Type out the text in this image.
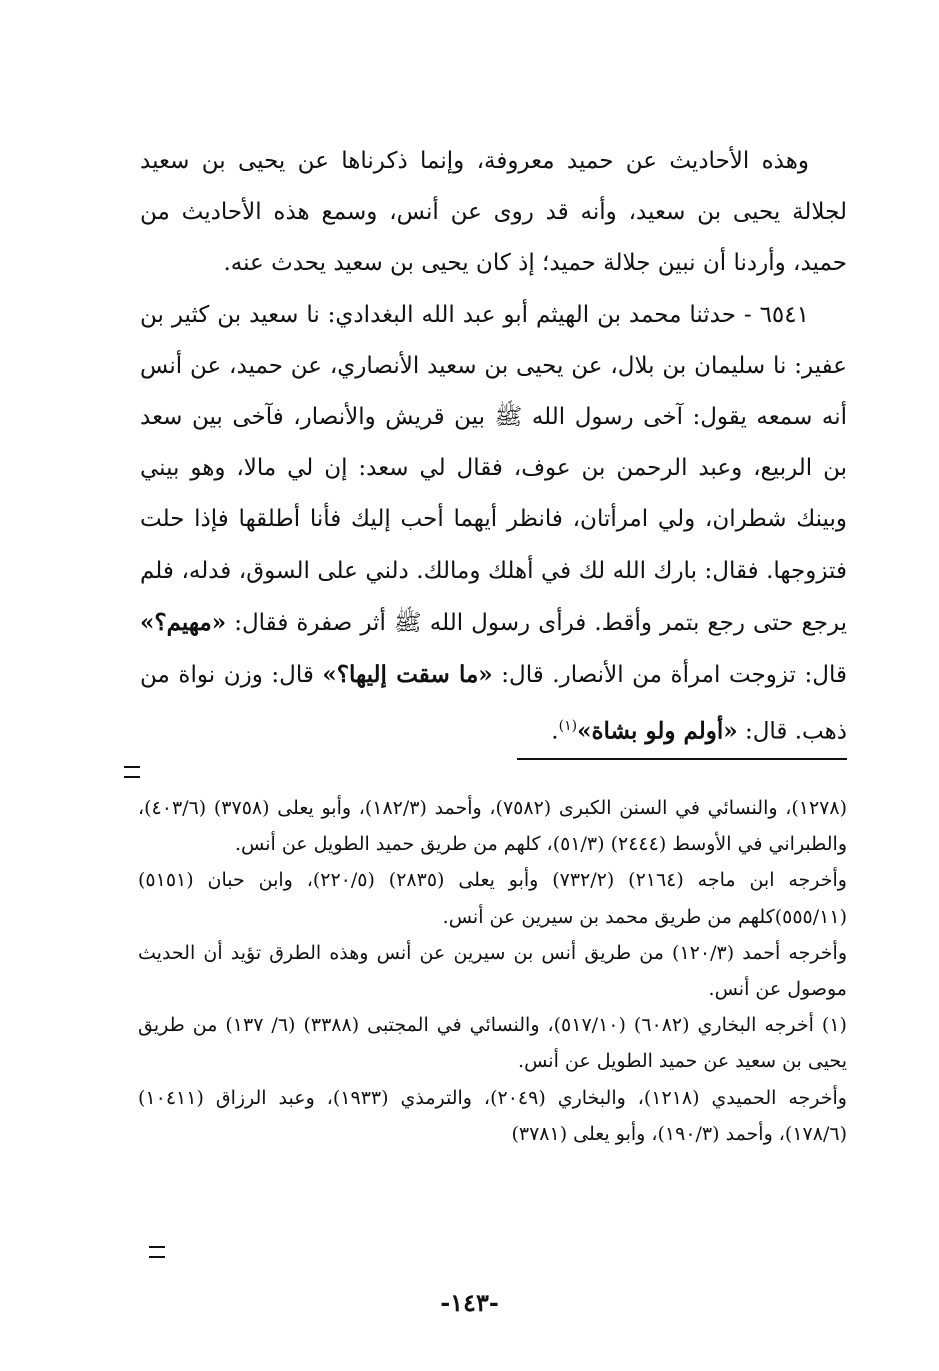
وهذه الأحاديث عن حميد معروفة، وإنما ذكرناها عن يحيى بن سعيد لجلالة يحيى بن سعيد، وأنه قد روى عن أنس، وسمع هذه الأحاديث من حميد، وأردنا أن نبين جلالة حميد؛ إذ كان يحيى بن سعيد يحدث عنه.

٦٥٤١ - حدثنا محمد بن الهيثم أبو عبد الله البغدادي: نا سعيد بن كثير بن عفير: نا سليمان بن بلال، عن يحيى بن سعيد الأنصاري، عن حميد، عن أنس أنه سمعه يقول: آخى رسول الله ﷺ بين قريش والأنصار، فآخى بين سعد بن الربيع، وعبد الرحمن بن عوف، فقال لي سعد: إن لي مالا، وهو بيني وبينك شطران، ولي امرأتان، فانظر أيهما أحب إليك فأنا أطلقها فإذا حلت فتزوجها. فقال: بارك الله لك في أهلك ومالك. دلني على السوق، فدله، فلم يرجع حتى رجع بتمر وأقط. فرأى رسول الله ﷺ أثر صفرة فقال: «مهيم؟» قال: تزوجت امرأة من الأنصار. قال: «ما سقت إليها؟» قال: وزن نواة من ذهب. قال: «أولم ولو بشاة»$^{(١)}$.

(١٢٧٨)، والنسائي في السنن الكبرى (٧٥٨٢)، وأحمد (١٨٢/٣)، وأبو يعلى (٣٧٥٨) (٤٠٣/٦)، والطبراني في الأوسط (٢٤٤٤) (٥١/٣)، كلهم من طريق حميد الطويل عن أنس.

وأخرجه ابن ماجه (٢١٦٤) (٧٣٢/٢) وأبو يعلى (٢٨٣٥) (٢٢٠/٥)، وابن حبان (٥١٥١) (٥٥٥/١١)كلهم من طريق محمد بن سيرين عن أنس.

وأخرجه أحمد (١٢٠/٣) من طريق أنس بن سيرين عن أنس وهذه الطرق تؤيد أن الحديث موصول عن أنس.

(١) أخرجه البخاري (٦٠٨٢) (٥١٧/١٠)، والنسائي في المجتبى (٣٣٨٨) (٦/ ١٣٧) من طريق يحيى بن سعيد عن حميد الطويل عن أنس.

وأخرجه الحميدي (١٢١٨)، والبخاري (٢٠٤٩)، والترمذي (١٩٣٣)، وعبد الرزاق (١٠٤١١) (١٧٨/٦)، وأحمد (١٩٠/٣)، وأبو يعلى (٣٧٨١)

-١٤٣-
